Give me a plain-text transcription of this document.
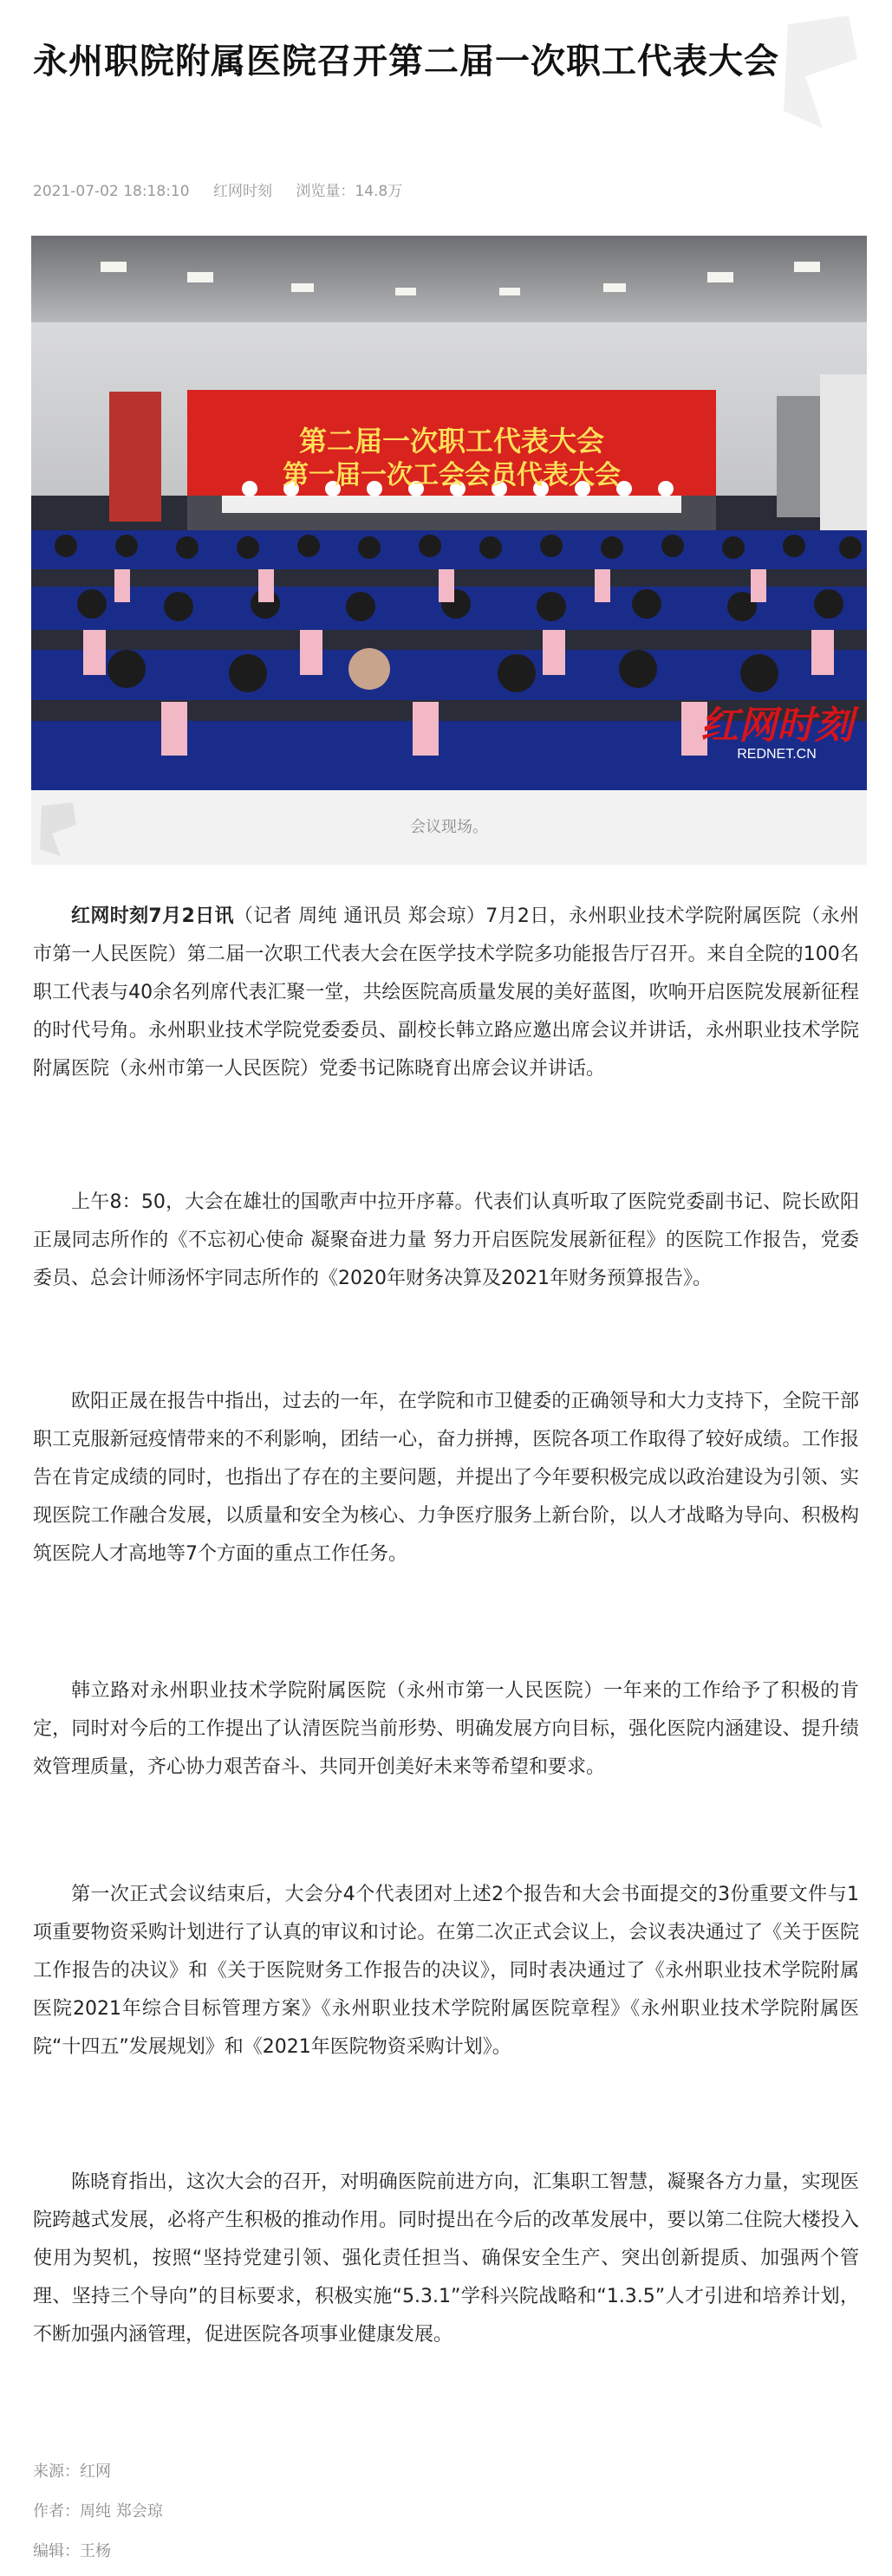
永州职院附属医院召开第二届一次职工代表大会
2021-07-02 18:18:10 红网时刻 浏览量：14.8万
第二届一次职工代表大会
第一届一次工会会员代表大会
红网时刻
REDNET.CN
会议现场。

红网时刻7月2日讯（记者 周纯 通讯员 郑会琼）7月2日，永州职业技术学院附属医院（永州市第一人民医院）第二届一次职工代表大会在医学技术学院多功能报告厅召开。来自全院的100名职工代表与40余名列席代表汇聚一堂，共绘医院高质量发展的美好蓝图，吹响开启医院发展新征程的时代号角。永州职业技术学院党委委员、副校长韩立路应邀出席会议并讲话，永州职业技术学院附属医院（永州市第一人民医院）党委书记陈晓育出席会议并讲话。

上午8：50，大会在雄壮的国歌声中拉开序幕。代表们认真听取了医院党委副书记、院长欧阳正晟同志所作的《不忘初心使命 凝聚奋进力量 努力开启医院发展新征程》的医院工作报告，党委委员、总会计师汤怀宇同志所作的《2020年财务决算及2021年财务预算报告》。

欧阳正晟在报告中指出，过去的一年，在学院和市卫健委的正确领导和大力支持下，全院干部职工克服新冠疫情带来的不利影响，团结一心，奋力拼搏，医院各项工作取得了较好成绩。工作报告在肯定成绩的同时，也指出了存在的主要问题，并提出了今年要积极完成以政治建设为引领、实现医院工作融合发展，以质量和安全为核心、力争医疗服务上新台阶，以人才战略为导向、积极构筑医院人才高地等7个方面的重点工作任务。

韩立路对永州职业技术学院附属医院（永州市第一人民医院）一年来的工作给予了积极的肯定，同时对今后的工作提出了认清医院当前形势、明确发展方向目标，强化医院内涵建设、提升绩效管理质量，齐心协力艰苦奋斗、共同开创美好未来等希望和要求。

第一次正式会议结束后，大会分4个代表团对上述2个报告和大会书面提交的3份重要文件与1项重要物资采购计划进行了认真的审议和讨论。在第二次正式会议上，会议表决通过了《关于医院工作报告的决议》和《关于医院财务工作报告的决议》，同时表决通过了《永州职业技术学院附属医院2021年综合目标管理方案》《永州职业技术学院附属医院章程》《永州职业技术学院附属医院“十四五”发展规划》和《2021年医院物资采购计划》。

陈晓育指出，这次大会的召开，对明确医院前进方向，汇集职工智慧，凝聚各方力量，实现医院跨越式发展，必将产生积极的推动作用。同时提出在今后的改革发展中，要以第二住院大楼投入使用为契机，按照“坚持党建引领、强化责任担当、确保安全生产、突出创新提质、加强两个管理、坚持三个导向”的目标要求，积极实施“5.3.1”学科兴院战略和“1.3.5”人才引进和培养计划，不断加强内涵管理，促进医院各项事业健康发展。

来源：红网
作者：周纯 郑会琼
编辑：王杨
